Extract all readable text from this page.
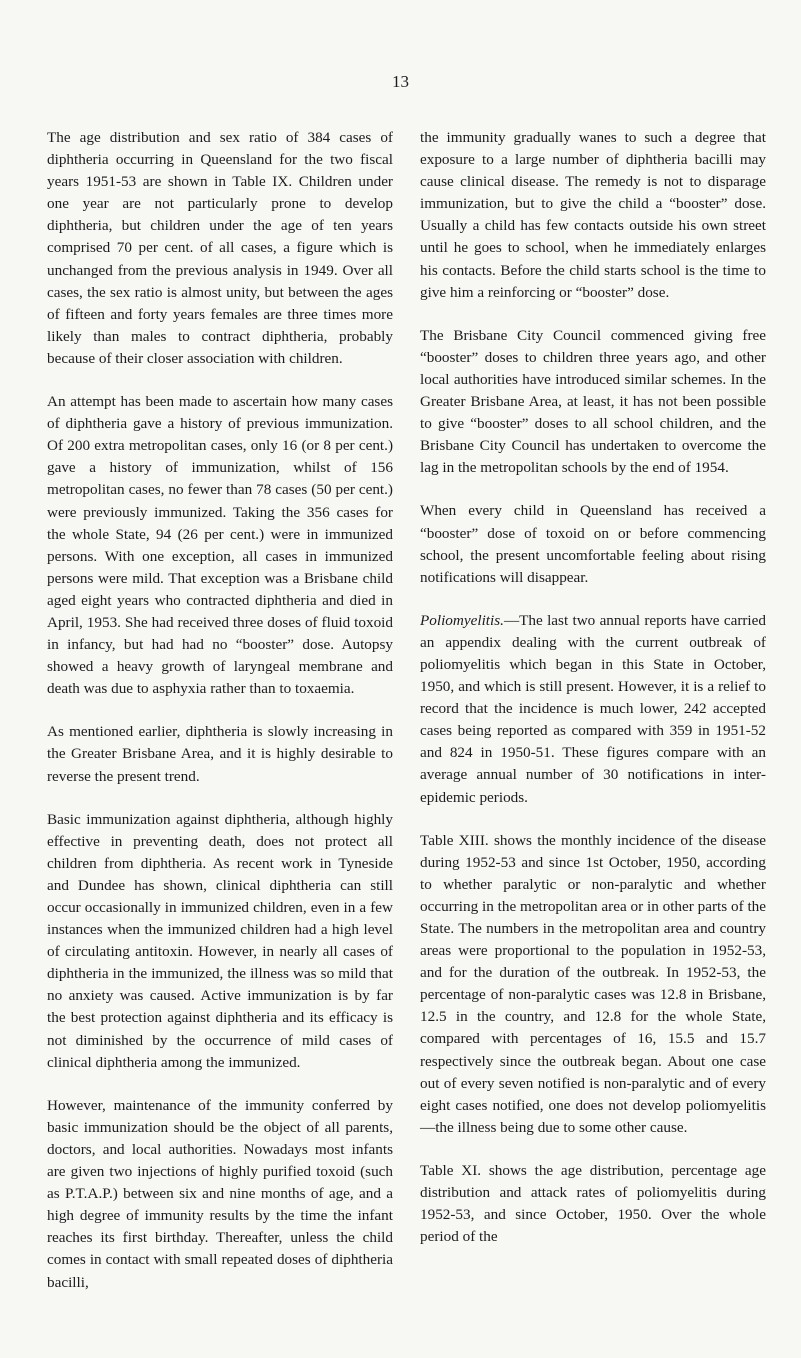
13

The age distribution and sex ratio of 384 cases of diphtheria occurring in Queensland for the two fiscal years 1951-53 are shown in Table IX. Children under one year are not particularly prone to develop diphtheria, but children under the age of ten years comprised 70 per cent. of all cases, a figure which is unchanged from the previous analysis in 1949. Over all cases, the sex ratio is almost unity, but between the ages of fifteen and forty years females are three times more likely than males to contract diphtheria, probably because of their closer association with children.

An attempt has been made to ascertain how many cases of diphtheria gave a history of previous immunization. Of 200 extra metropolitan cases, only 16 (or 8 per cent.) gave a history of immunization, whilst of 156 metropolitan cases, no fewer than 78 cases (50 per cent.) were previously immunized. Taking the 356 cases for the whole State, 94 (26 per cent.) were in immunized persons. With one exception, all cases in immunized persons were mild. That exception was a Brisbane child aged eight years who contracted diphtheria and died in April, 1953. She had received three doses of fluid toxoid in infancy, but had had no “booster” dose. Autopsy showed a heavy growth of laryngeal membrane and death was due to asphyxia rather than to toxaemia.

As mentioned earlier, diphtheria is slowly increasing in the Greater Brisbane Area, and it is highly desirable to reverse the present trend.

Basic immunization against diphtheria, although highly effective in preventing death, does not protect all children from diphtheria. As recent work in Tyneside and Dundee has shown, clinical diphtheria can still occur occasionally in immunized children, even in a few instances when the immunized children had a high level of circulating antitoxin. However, in nearly all cases of diphtheria in the immunized, the illness was so mild that no anxiety was caused. Active immunization is by far the best protection against diphtheria and its efficacy is not diminished by the occurrence of mild cases of clinical diphtheria among the immunized.

However, maintenance of the immunity conferred by basic immunization should be the object of all parents, doctors, and local authorities. Nowadays most infants are given two injections of highly purified toxoid (such as P.T.A.P.) between six and nine months of age, and a high degree of immunity results by the time the infant reaches its first birthday. Thereafter, unless the child comes in contact with small repeated doses of diphtheria bacilli,

the immunity gradually wanes to such a degree that exposure to a large number of diphtheria bacilli may cause clinical disease. The remedy is not to disparage immunization, but to give the child a “booster” dose. Usually a child has few contacts outside his own street until he goes to school, when he immediately enlarges his contacts. Before the child starts school is the time to give him a reinforcing or “booster” dose.

The Brisbane City Council commenced giving free “booster” doses to children three years ago, and other local authorities have introduced similar schemes. In the Greater Brisbane Area, at least, it has not been possible to give “booster” doses to all school children, and the Brisbane City Council has undertaken to overcome the lag in the metropolitan schools by the end of 1954.

When every child in Queensland has received a “booster” dose of toxoid on or before commencing school, the present uncomfortable feeling about rising notifications will disappear.

Poliomyelitis.—The last two annual reports have carried an appendix dealing with the current outbreak of poliomyelitis which began in this State in October, 1950, and which is still present. However, it is a relief to record that the incidence is much lower, 242 accepted cases being reported as compared with 359 in 1951-52 and 824 in 1950-51. These figures compare with an average annual number of 30 notifications in inter-epidemic periods.

Table XIII. shows the monthly incidence of the disease during 1952-53 and since 1st October, 1950, according to whether paralytic or non-paralytic and whether occurring in the metropolitan area or in other parts of the State. The numbers in the metropolitan area and country areas were proportional to the population in 1952-53, and for the duration of the outbreak. In 1952-53, the percentage of non-paralytic cases was 12.8 in Brisbane, 12.5 in the country, and 12.8 for the whole State, compared with percentages of 16, 15.5 and 15.7 respectively since the outbreak began. About one case out of every seven notified is non-paralytic and of every eight cases notified, one does not develop poliomyelitis—the illness being due to some other cause.

Table XI. shows the age distribution, percentage age distribution and attack rates of poliomyelitis during 1952-53, and since October, 1950. Over the whole period of the
